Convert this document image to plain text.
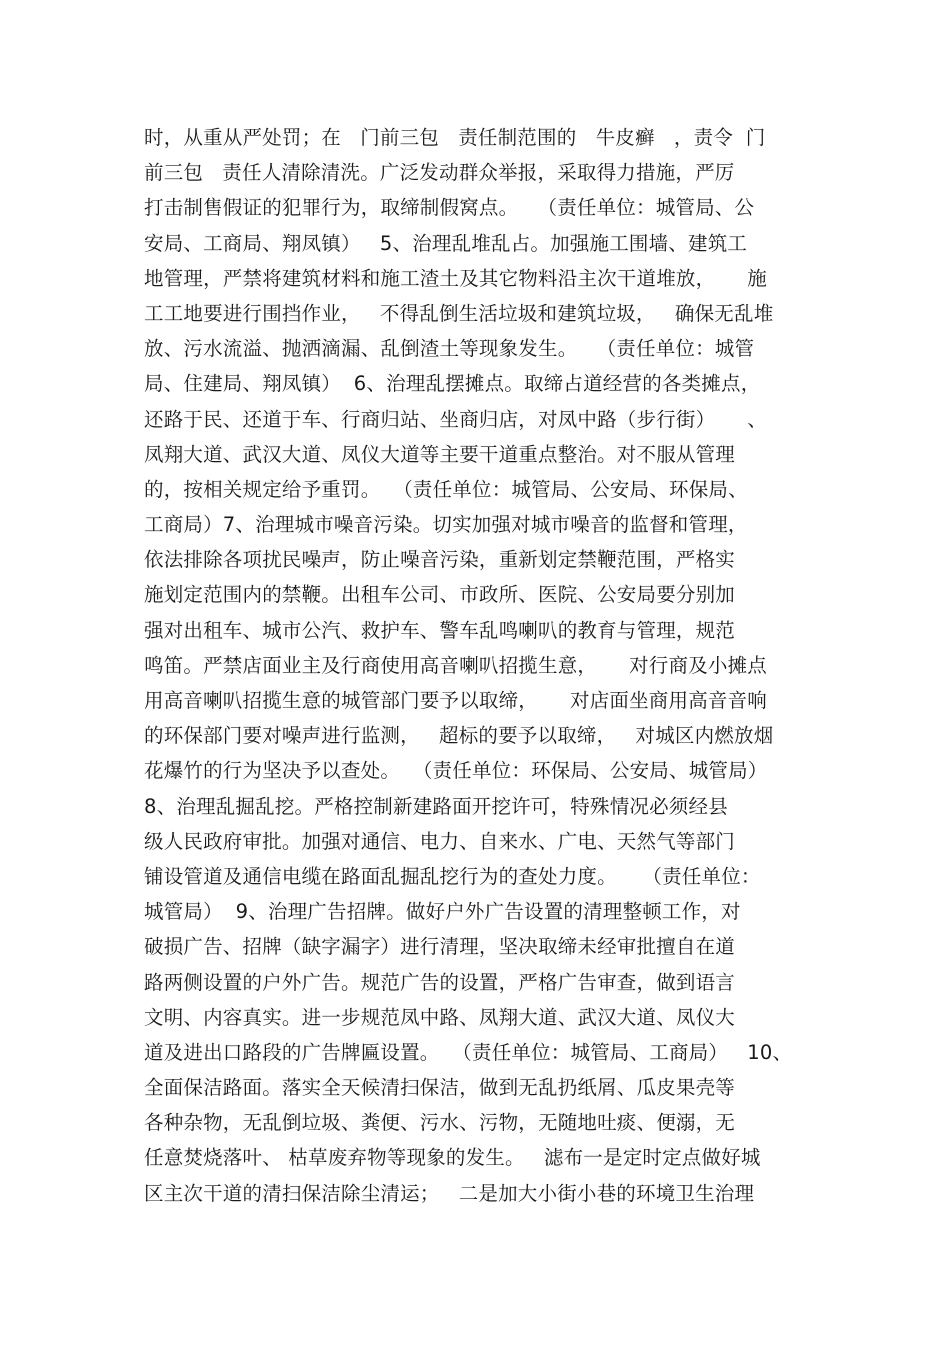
时，从重从严处罚；在   门前三包   责任制范围的   牛皮癣   ，责令  门
前三包   责任人清除清洗。广泛发动群众举报，采取得力措施，严厉
打击制售假证的犯罪行为，取缔制假窝点。   （责任单位：城管局、公
安局、工商局、翔凤镇）   5、治理乱堆乱占。加强施工围墙、建筑工
地管理，严禁将建筑材料和施工渣土及其它物料沿主次干道堆放，     施
工工地要进行围挡作业，   不得乱倒生活垃圾和建筑垃圾，   确保无乱堆
放、污水流溢、抛洒滴漏、乱倒渣土等现象发生。   （责任单位：城管
局、住建局、翔凤镇）  6、治理乱摆摊点。取缔占道经营的各类摊点，
还路于民、还道于车、行商归站、坐商归店，对凤中路（步行街）     、
凤翔大道、武汉大道、凤仪大道等主要干道重点整治。对不服从管理
的，按相关规定给予重罚。  （责任单位：城管局、公安局、环保局、
工商局）7、治理城市噪音污染。切实加强对城市噪音的监督和管理，
依法排除各项扰民噪声，防止噪音污染，重新划定禁鞭范围，严格实
施划定范围内的禁鞭。出租车公司、市政所、医院、公安局要分别加
强对出租车、城市公汽、救护车、警车乱鸣喇叭的教育与管理，规范
鸣笛。严禁店面业主及行商使用高音喇叭招揽生意，     对行商及小摊点
用高音喇叭招揽生意的城管部门要予以取缔，     对店面坐商用高音音响
的环保部门要对噪声进行监测，   超标的要予以取缔，   对城区内燃放烟
花爆竹的行为坚决予以查处。  （责任单位：环保局、公安局、城管局）
8、治理乱掘乱挖。严格控制新建路面开挖许可，特殊情况必须经县
级人民政府审批。加强对通信、电力、自来水、广电、天然气等部门
铺设管道及通信电缆在路面乱掘乱挖行为的查处力度。    （责任单位：
城管局）  9、治理广告招牌。做好户外广告设置的清理整顿工作，对
破损广告、招牌（缺字漏字）进行清理，坚决取缔未经审批擅自在道
路两侧设置的户外广告。规范广告的设置，严格广告审查，做到语言
文明、内容真实。进一步规范凤中路、凤翔大道、武汉大道、凤仪大
道及进出口路段的广告牌匾设置。  （责任单位：城管局、工商局）   10、
全面保洁路面。落实全天候清扫保洁，做到无乱扔纸屑、瓜皮果壳等
各种杂物，无乱倒垃圾、粪便、污水、污物，无随地吐痰、便溺，无
任意焚烧落叶、 枯草废弃物等现象的发生。   滤布一是定时定点做好城
区主次干道的清扫保洁除尘清运；   二是加大小街小巷的环境卫生治理
